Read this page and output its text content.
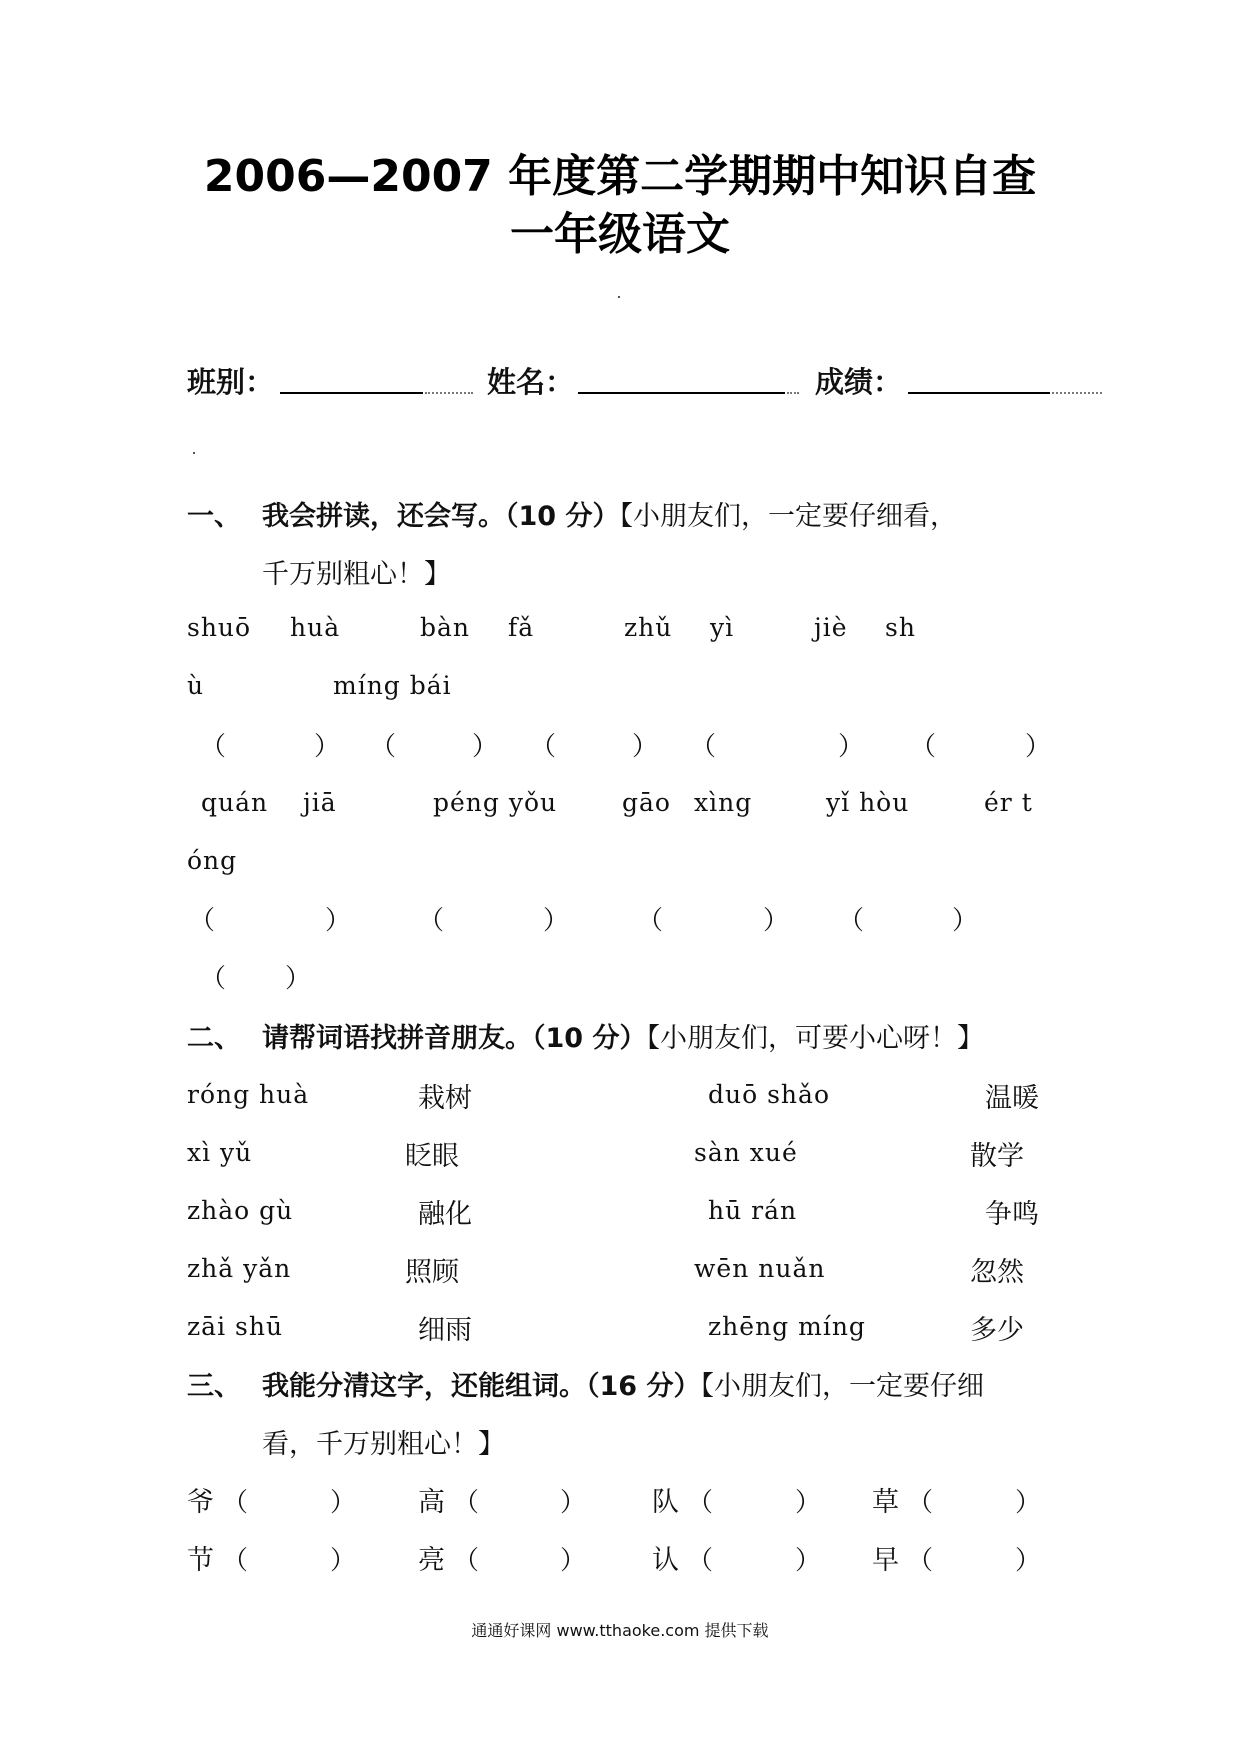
2006—2007 年度第二学期期中知识自查
一年级语文
班别：	姓名：	成绩：
一、 我会拼读，还会写。（10 分）【小朋友们，一定要仔细看，
千万别粗心！】
shuō huà	bàn fǎ	zhǔ yì	jiè sh
ù	míng bái
（	） （	） （	） （	） （	）
quán jiā	péng yǒu	gāo xìng	yǐ hòu	ér t
óng
（	）	（	）	（	） （	）
（ ）
二、 请帮词语找拼音朋友。（10 分）【小朋友们，可要小心呀！】
róng huà	栽树	duō shǎo	温暖
xì yǔ	眨眼	sàn xué	散学
zhào gù	融化	hū rán	争鸣
zhǎ yǎn	照顾	wēn nuǎn	忽然
zāi shū	细雨	zhēng míng	多少
三、 我能分清这字，还能组词。（16 分）【小朋友们，一定要仔细
看，千万别粗心！】
爷 （	） 高 （	） 队 （	） 草 （	）
节 （	） 亮 （	） 认 （	） 早 （	）
通通好课网 www.tthaoke.com 提供下载
